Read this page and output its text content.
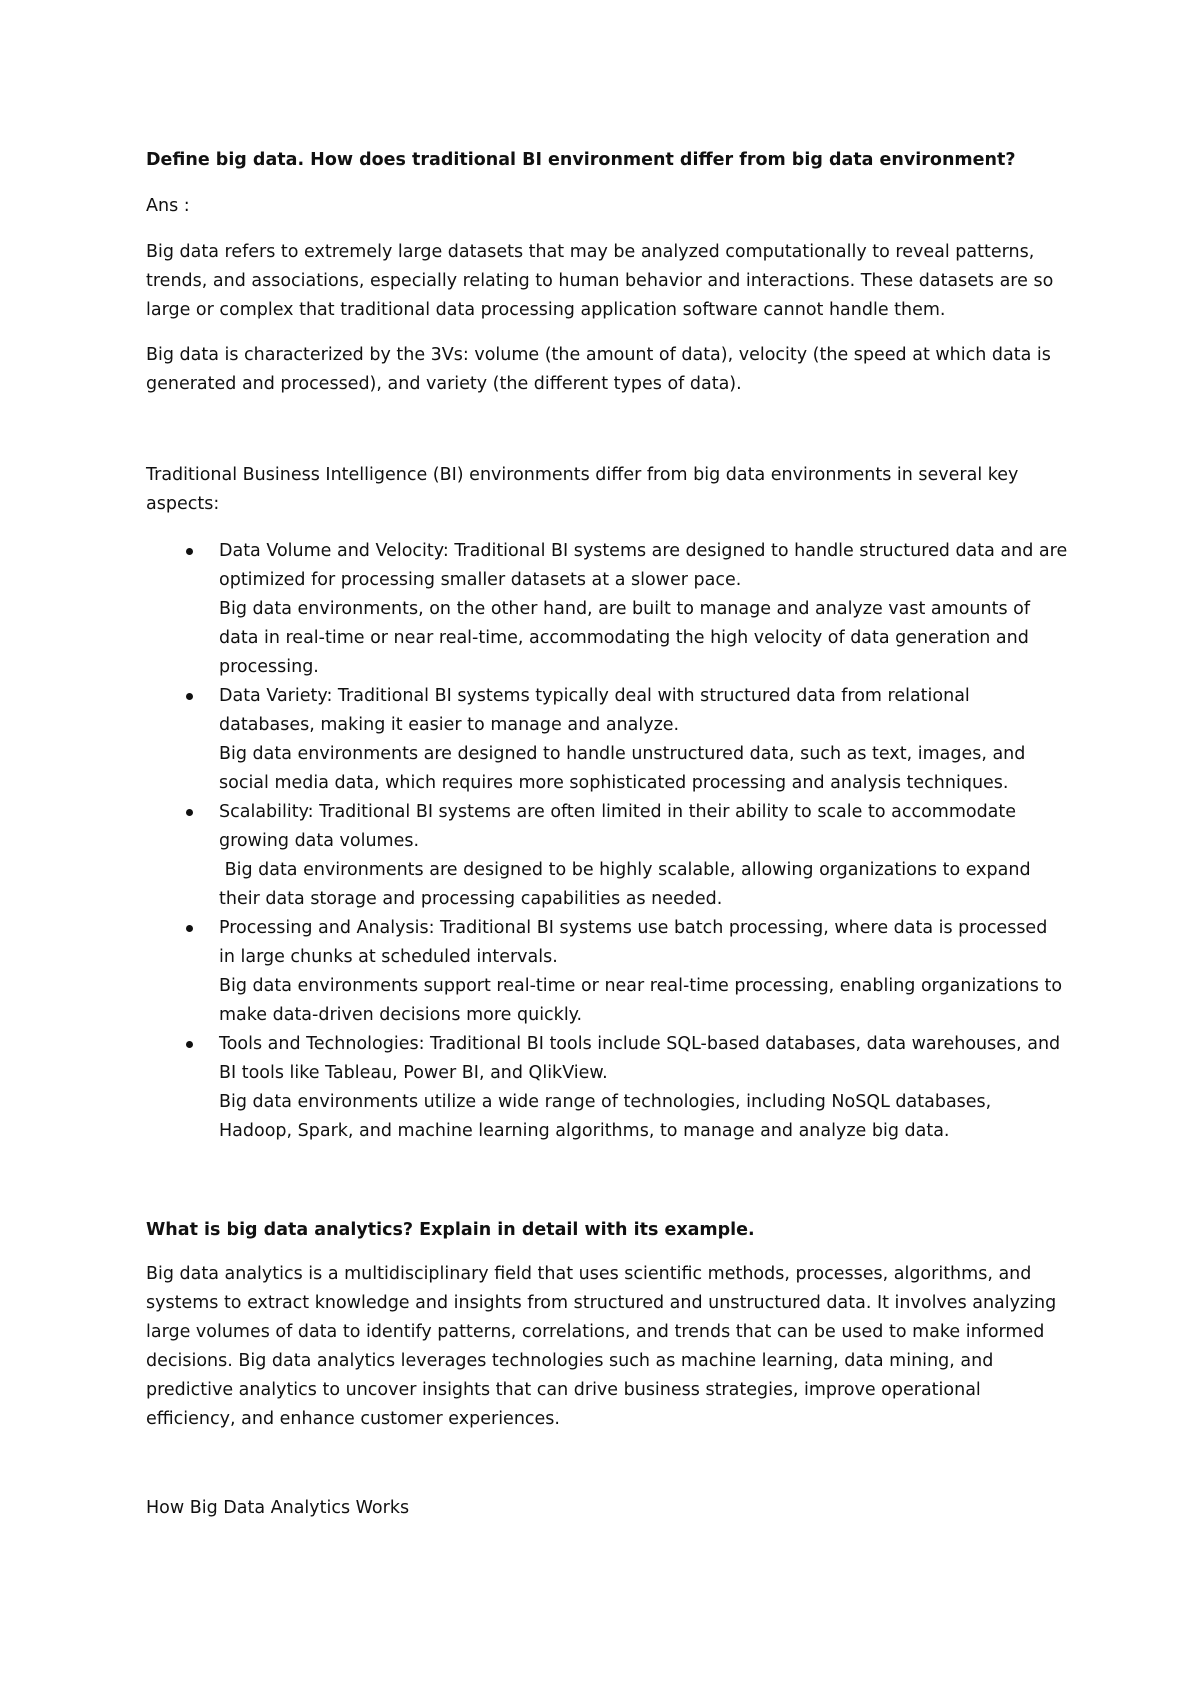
Define big data. How does traditional BI environment differ from big data environment?

Ans :

Big data refers to extremely large datasets that may be analyzed computationally to reveal patterns, trends, and associations, especially relating to human behavior and interactions. These datasets are so large or complex that traditional data processing application software cannot handle them.

Big data is characterized by the 3Vs: volume (the amount of data), velocity (the speed at which data is generated and processed), and variety (the different types of data).

Traditional Business Intelligence (BI) environments differ from big data environments in several key aspects:

Data Volume and Velocity: Traditional BI systems are designed to handle structured data and are optimized for processing smaller datasets at a slower pace.
Big data environments, on the other hand, are built to manage and analyze vast amounts of data in real-time or near real-time, accommodating the high velocity of data generation and processing.
Data Variety: Traditional BI systems typically deal with structured data from relational databases, making it easier to manage and analyze.
Big data environments are designed to handle unstructured data, such as text, images, and social media data, which requires more sophisticated processing and analysis techniques.
Scalability: Traditional BI systems are often limited in their ability to scale to accommodate growing data volumes.
Big data environments are designed to be highly scalable, allowing organizations to expand their data storage and processing capabilities as needed.
Processing and Analysis: Traditional BI systems use batch processing, where data is processed in large chunks at scheduled intervals.
Big data environments support real-time or near real-time processing, enabling organizations to make data-driven decisions more quickly.
Tools and Technologies: Traditional BI tools include SQL-based databases, data warehouses, and BI tools like Tableau, Power BI, and QlikView.
Big data environments utilize a wide range of technologies, including NoSQL databases, Hadoop, Spark, and machine learning algorithms, to manage and analyze big data.
What is big data analytics? Explain in detail with its example.

Big data analytics is a multidisciplinary field that uses scientific methods, processes, algorithms, and systems to extract knowledge and insights from structured and unstructured data. It involves analyzing large volumes of data to identify patterns, correlations, and trends that can be used to make informed decisions. Big data analytics leverages technologies such as machine learning, data mining, and predictive analytics to uncover insights that can drive business strategies, improve operational efficiency, and enhance customer experiences.

How Big Data Analytics Works
